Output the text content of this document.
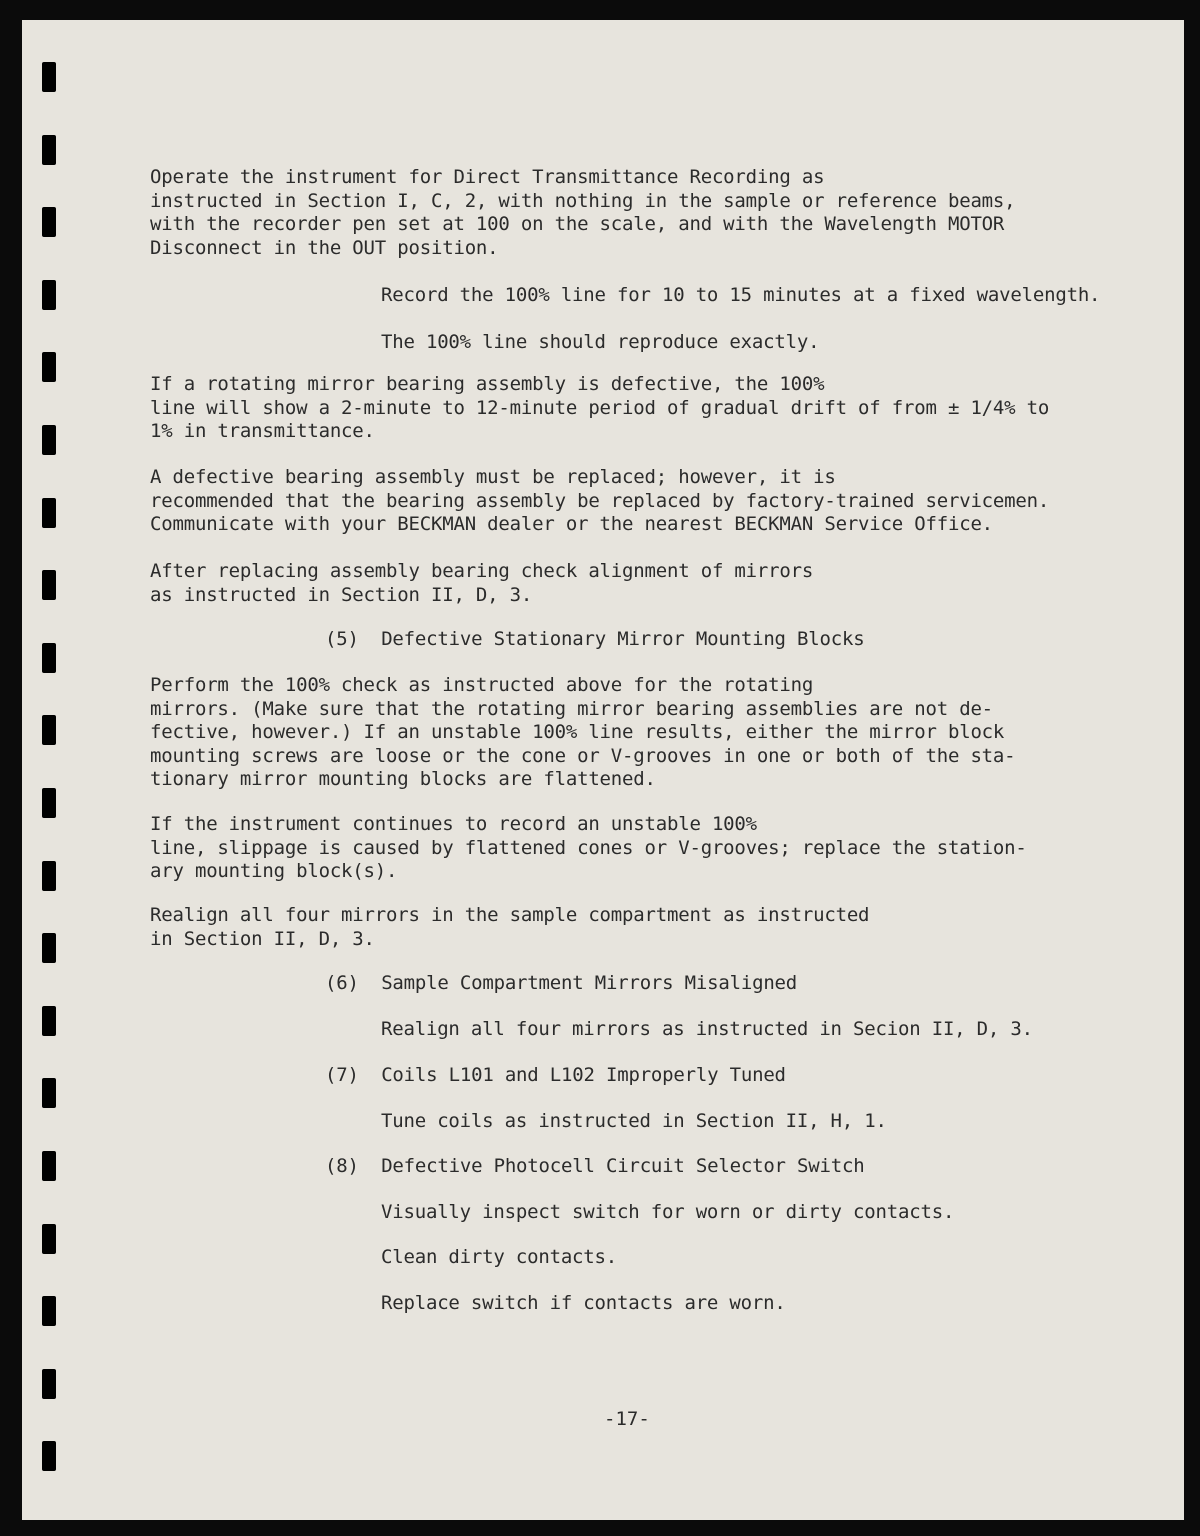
Operate the instrument for Direct Transmittance Recording as
instructed in Section I, C, 2, with nothing in the sample or reference beams,
with the recorder pen set at 100 on the scale, and with the Wavelength MOTOR
Disconnect in the OUT position.

Record the 100% line for 10 to 15 minutes at a fixed wavelength.

The 100% line should reproduce exactly.

If a rotating mirror bearing assembly is defective, the 100%
line will show a 2-minute to 12-minute period of gradual drift of from ± 1/4% to
1% in transmittance.

A defective bearing assembly must be replaced; however, it is
recommended that the bearing assembly be replaced by factory-trained servicemen.
Communicate with your BECKMAN dealer or the nearest BECKMAN Service Office.

After replacing assembly bearing check alignment of mirrors
as instructed in Section II, D, 3.

(5)  Defective Stationary Mirror Mounting Blocks

Perform the 100% check as instructed above for the rotating
mirrors. (Make sure that the rotating mirror bearing assemblies are not de-
fective, however.) If an unstable 100% line results, either the mirror block
mounting screws are loose or the cone or V-grooves in one or both of the sta-
tionary mirror mounting blocks are flattened.

If the instrument continues to record an unstable 100%
line, slippage is caused by flattened cones or V-grooves; replace the station-
ary mounting block(s).

Realign all four mirrors in the sample compartment as instructed
in Section II, D, 3.

(6)  Sample Compartment Mirrors Misaligned

Realign all four mirrors as instructed in Secion II, D, 3.

(7)  Coils L101 and L102 Improperly Tuned

Tune coils as instructed in Section II, H, 1.

(8)  Defective Photocell Circuit Selector Switch

Visually inspect switch for worn or dirty contacts.

Clean dirty contacts.

Replace switch if contacts are worn.

-17-
